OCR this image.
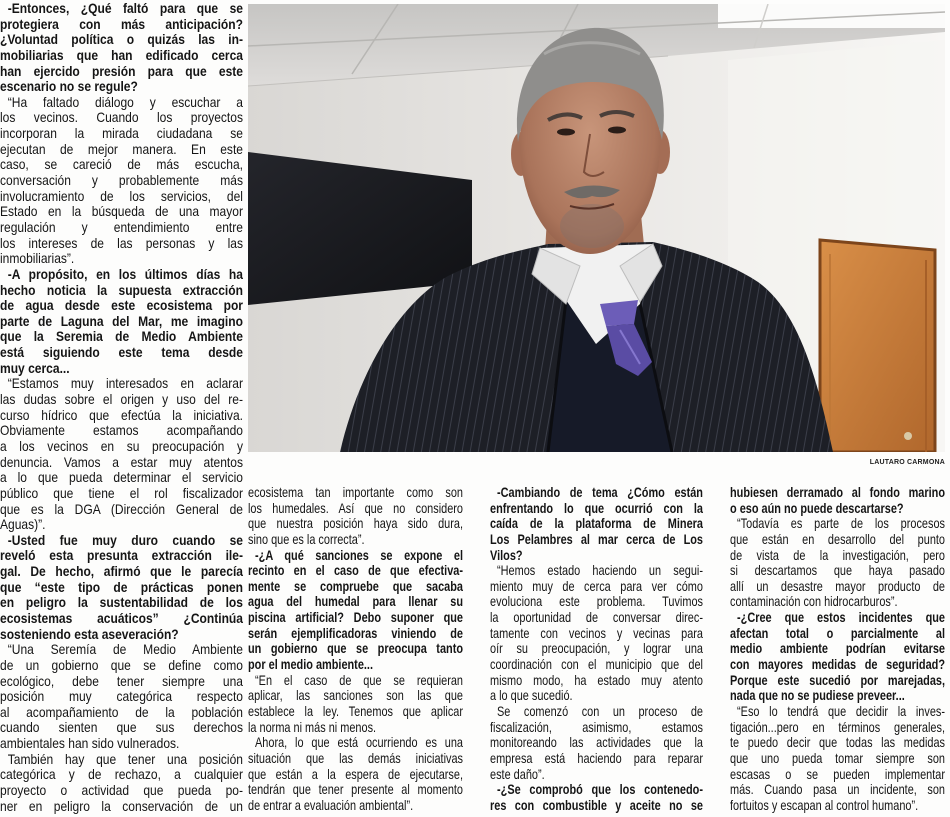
-Entonces, ¿Qué faltó para que se
protegiera con más anticipación?
¿Voluntad política o quizás las in-
mobiliarias que han edificado cerca
han ejercido presión para que este
escenario no se regule?
“Ha faltado diálogo y escuchar a
los vecinos. Cuando los proyectos
incorporan la mirada ciudadana se
ejecutan de mejor manera. En este
caso, se careció de más escucha,
conversación y probablemente más
involucramiento de los servicios, del
Estado en la búsqueda de una mayor
regulación y entendimiento entre
los intereses de las personas y las
inmobiliarias”.
-A propósito, en los últimos días ha
hecho noticia la supuesta extracción
de agua desde este ecosistema por
parte de Laguna del Mar, me imagino
que la Seremia de Medio Ambiente
está siguiendo este tema desde
muy cerca...
“Estamos muy interesados en aclarar
las dudas sobre el origen y uso del re-
curso hídrico que efectúa la iniciativa.
Obviamente estamos acompañando
a los vecinos en su preocupación y
denuncia. Vamos a estar muy atentos
a lo que pueda determinar el servicio
público que tiene el rol fiscalizador
que es la DGA (Dirección General de
Aguas)”.
-Usted fue muy duro cuando se
reveló esta presunta extracción ile-
gal. De hecho, afirmó que le parecía
que “este tipo de prácticas ponen
en peligro la sustentabilidad de los
ecosistemas acuáticos” ¿Continúa
sosteniendo esta aseveración?
“Una Seremía de Medio Ambiente
de un gobierno que se define como
ecológico, debe tener siempre una
posición muy categórica respecto
al acompañamiento de la población
cuando sienten que sus derechos
ambientales han sido vulnerados.
También hay que tener una posición
categórica y de rechazo, a cualquier
proyecto o actividad que pueda po-
ner en peligro la conservación de un
ecosistema tan importante como son
los humedales. Así que no considero
que nuestra posición haya sido dura,
sino que es la correcta”.
-¿A qué sanciones se expone el
recinto en el caso de que efectiva-
mente se compruebe que sacaba
agua del humedal para llenar su
piscina artificial? Debo suponer que
serán ejemplificadoras viniendo de
un gobierno que se preocupa tanto
por el medio ambiente...
“En el caso de que se requieran
aplicar, las sanciones son las que
establece la ley. Tenemos que aplicar
la norma ni más ni menos.
Ahora, lo que está ocurriendo es una
situación que las demás iniciativas
que están a la espera de ejecutarse,
tendrán que tener presente al momento
de entrar a evaluación ambiental”.
-Cambiando de tema ¿Cómo están
enfrentando lo que ocurrió con la
caída de la plataforma de Minera
Los Pelambres al mar cerca de Los
Vilos?
“Hemos estado haciendo un segui-
miento muy de cerca para ver cómo
evoluciona este problema. Tuvimos
la oportunidad de conversar direc-
tamente con vecinos y vecinas para
oír su preocupación, y lograr una
coordinación con el municipio que del
mismo modo, ha estado muy atento
a lo que sucedió.
Se comenzó con un proceso de
fiscalización, asimismo, estamos
monitoreando las actividades que la
empresa está haciendo para reparar
este daño”.
-¿Se comprobó que los contenedo-
res con combustible y aceite no se
hubiesen derramado al fondo marino
o eso aún no puede descartarse?
“Todavía es parte de los procesos
que están en desarrollo del punto
de vista de la investigación, pero
si descartamos que haya pasado
allí un desastre mayor producto de
contaminación con hidrocarburos”.
-¿Cree que estos incidentes que
afectan total o parcialmente al
medio ambiente podrían evitarse
con mayores medidas de seguridad?
Porque este sucedió por marejadas,
nada que no se pudiese preveer...
“Eso lo tendrá que decidir la inves-
tigación...pero en términos generales,
te puedo decir que todas las medidas
que uno pueda tomar siempre son
escasas o se pueden implementar
más. Cuando pasa un incidente, son
fortuitos y escapan al control humano”.
LAUTARO CARMONA
